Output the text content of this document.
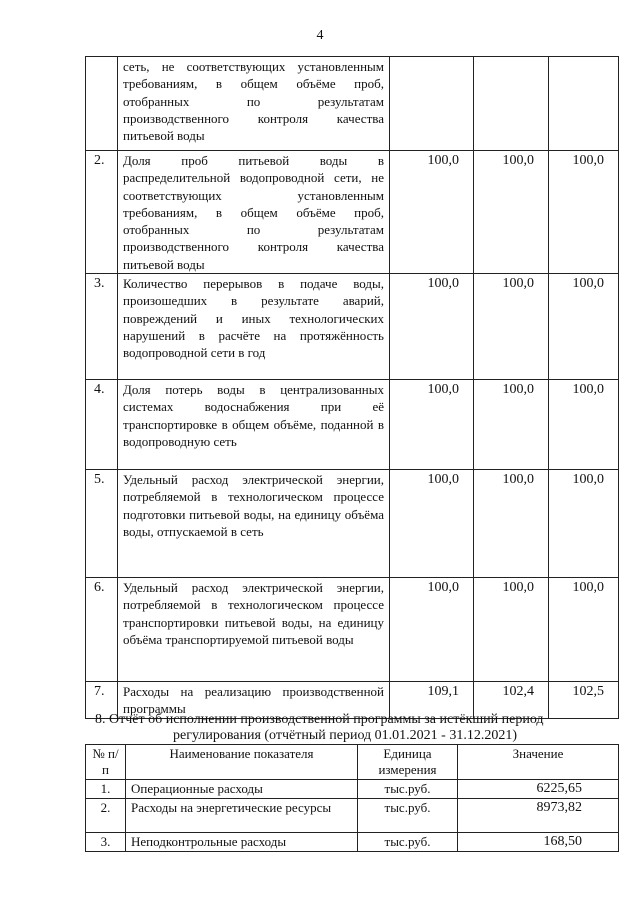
4
	сеть, не соответствующих установленным требованиям, в общем объёме проб, отобранных по результатам производственного контроля качества питьевой воды			
2.	Доля проб питьевой воды в распределительной водопроводной сети, не соответствующих установленным требованиям, в общем объёме проб, отобранных по результатам производственного контроля качества питьевой воды	100,0	100,0	100,0
3.	Количество перерывов в подаче воды, произошедших в результате аварий, повреждений и иных технологических нарушений в расчёте на протяжённость водопроводной сети в год	100,0	100,0	100,0
4.	Доля потерь воды в централизованных системах водоснабжения при её транспортировке в общем объёме, поданной в водопроводную сеть	100,0	100,0	100,0
5.	Удельный расход электрической энергии, потребляемой в технологическом процессе подготовки питьевой воды, на единицу объёма воды, отпускаемой в сеть	100,0	100,0	100,0
6.	Удельный расход электрической энергии, потребляемой в технологическом процессе транспортировки питьевой воды, на единицу объёма транспортируемой питьевой воды	100,0	100,0	100,0
7.	Расходы на реализацию производственной программы	109,1	102,4	102,5
8. Отчёт об исполнении производственной программы за истёкший период
регулирования (отчётный период 01.01.2021 - 31.12.2021)
№ п/п	Наименование показателя	Единица измерения	Значение
1.	Операционные расходы	тыс.руб.	6225,65
2.	Расходы на энергетические ресурсы	тыс.руб.	8973,82
3.	Неподконтрольные расходы	тыс.руб.	168,50
